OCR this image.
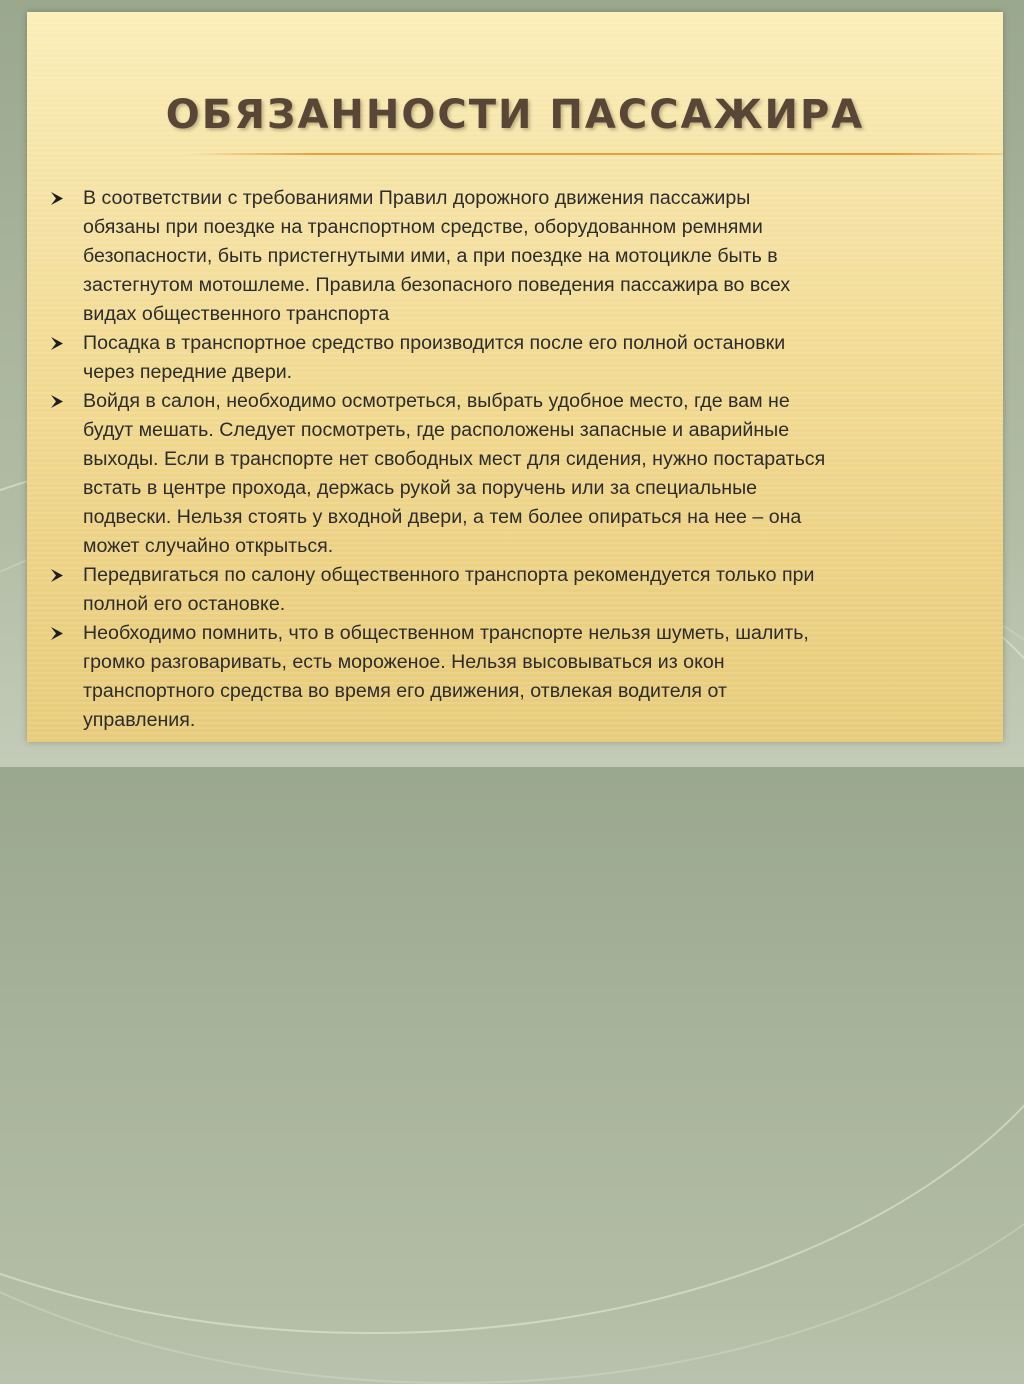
ОБЯЗАННОСТИ ПАССАЖИРА
В соответствии с требованиями Правил дорожного движения пассажиры
обязаны при поездке на транспортном средстве, оборудованном ремнями
безопасности, быть пристегнутыми ими, а при поездке на мотоцикле быть в
застегнутом мотошлеме. Правила безопасного поведения пассажира во всех
видах общественного транспорта
Посадка в транспортное средство производится после его полной остановки
через передние двери.
Войдя в салон, необходимо осмотреться, выбрать удобное место, где вам не
будут мешать. Следует посмотреть, где расположены запасные и аварийные
выходы. Если в транспорте нет свободных мест для сидения, нужно постараться
встать в центре прохода, держась рукой за поручень или за специальные
подвески. Нельзя стоять у входной двери, а тем более опираться на нее – она
может случайно открыться.
Передвигаться по салону общественного транспорта рекомендуется только при
полной его остановке.
Необходимо помнить, что в общественном транспорте нельзя шуметь, шалить,
громко разговаривать, есть мороженое. Нельзя высовываться из окон
транспортного средства во время его движения, отвлекая водителя от
управления.
